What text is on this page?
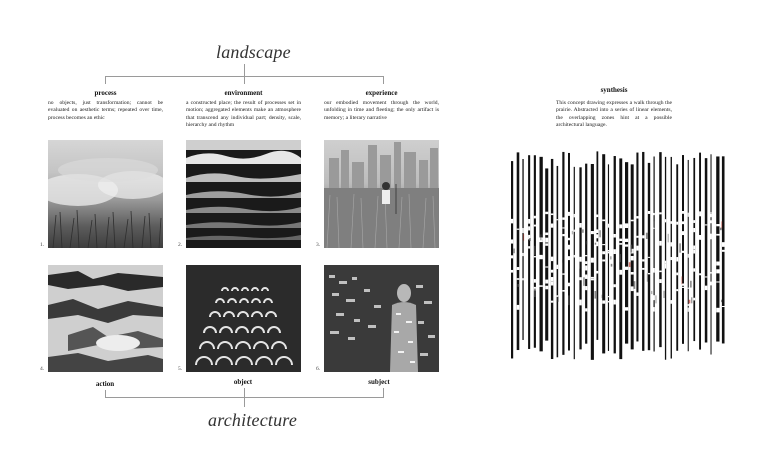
landscape
process	environment	experience
no objects, just transformation; cannot be evaluated on aesthetic terms; repeated over time, process becomes an ethic
a constructed place; the result of processes set in motion; aggregated elements make an atmosphere that transcend any individual part; density, scale, hierarchy and rhythm
our embodied movement through the world, unfolding in time and fleeting; the only artifact is memory; a literary narrative
1.	2.	3.
4.	5.	6.
action	object	subject
architecture
synthesis
This concept drawing expresses a walk through the prairie. Abstracted into a series of linear elements, the overlapping zones hint at a possible architectural language.
